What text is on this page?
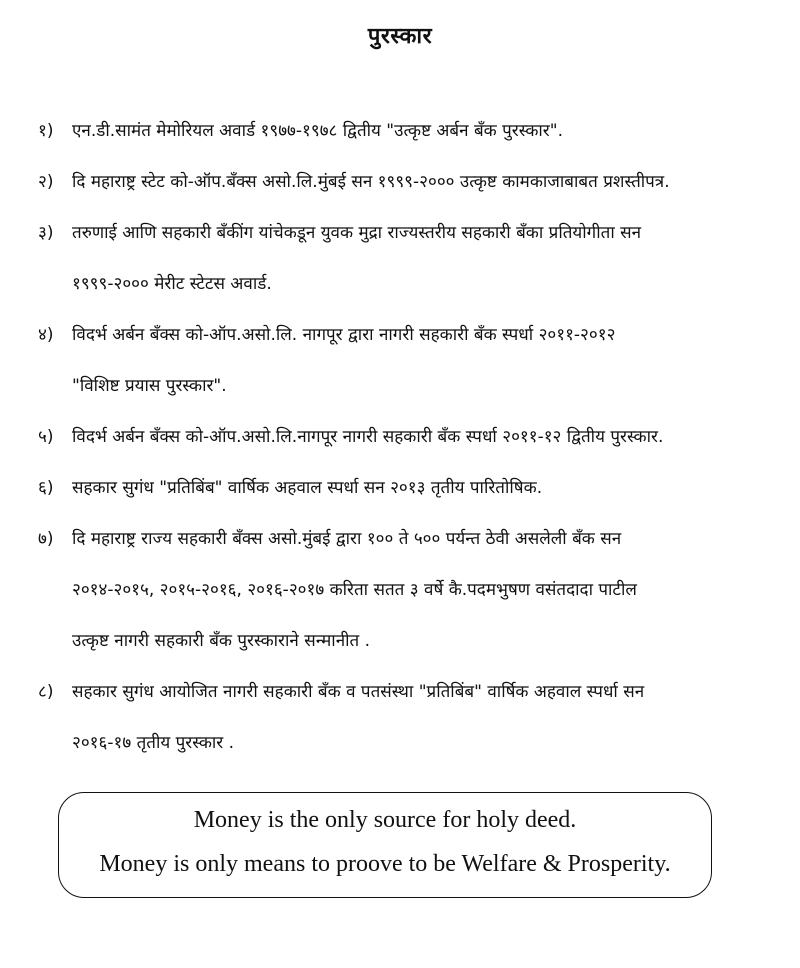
पुरस्कार
१)	एन.डी.सामंत मेमोरियल अवार्ड १९७७-१९७८ द्वितीय "उत्कृष्ट अर्बन बँक पुरस्कार".
२)	दि महाराष्ट्र स्टेट को-ऑप.बँक्स असो.लि.मुंबई सन १९९९-२००० उत्कृष्ट कामकाजाबाबत प्रशस्तीपत्र.
३)	तरुणाई आणि सहकारी बँकींग यांचेकडून युवक मुद्रा राज्यस्तरीय सहकारी बँका प्रतियोगीता सन
१९९९-२००० मेरीट स्टेटस अवार्ड.
४)	विदर्भ अर्बन बँक्स को-ऑप.असो.लि. नागपूर द्वारा नागरी सहकारी बँक स्पर्धा २०११-२०१२
"विशिष्ट प्रयास पुरस्कार".
५)	विदर्भ अर्बन बँक्स को-ऑप.असो.लि.नागपूर नागरी सहकारी बँक स्पर्धा २०११-१२ द्वितीय पुरस्कार.
६)	सहकार सुगंध "प्रतिबिंब" वार्षिक अहवाल स्पर्धा सन २०१३ तृतीय पारितोषिक.
७)	दि महाराष्ट्र राज्य सहकारी बँक्स असो.मुंबई द्वारा १०० ते ५०० पर्यन्त ठेवी असलेली बँक सन
२०१४-२०१५, २०१५-२०१६, २०१६-२०१७ करिता सतत ३ वर्षे कै.पदमभुषण वसंतदादा पाटील
उत्कृष्ट नागरी सहकारी बँक पुरस्काराने सन्मानीत .
८)	सहकार सुगंध आयोजित नागरी सहकारी बँक व पतसंस्था "प्रतिबिंब" वार्षिक अहवाल स्पर्धा सन
२०१६-१७ तृतीय पुरस्कार .
Money is the only source for holy deed.
Money is only means to proove to be Welfare & Prosperity.
